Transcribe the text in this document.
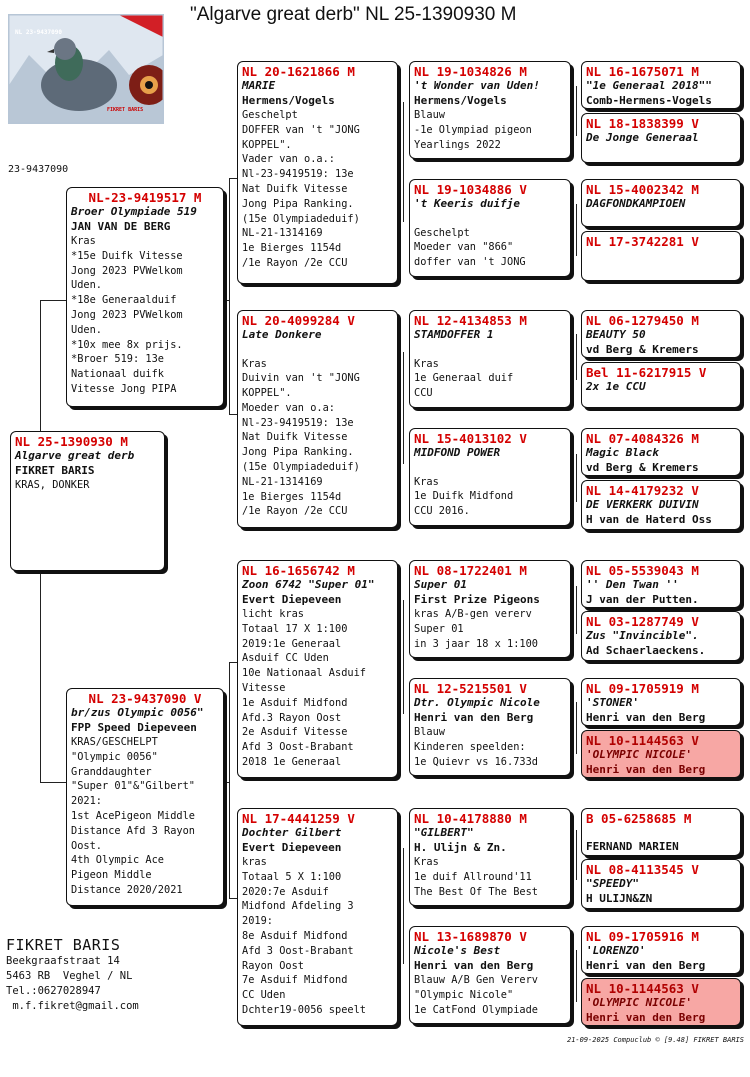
"Algarve great derb" NL 25-1390930 M
NL 23-9437090
FIKRET BARIS
23-9437090
NL 25-1390930 M
Algarve great derb
FIKRET BARIS
KRAS, DONKER
NL-23-9419517 M
Broer Olympiade 519
JAN VAN DE BERG
Kras
*15e Duifk Vitesse
Jong 2023 PVWelkom
Uden.
*18e Generaalduif
Jong 2023 PVWelkom
Uden.
*10x mee 8x prijs.
*Broer 519: 13e
Nationaal duifk
Vitesse Jong PIPA
NL 23-9437090 V
br/zus Olympic 0056"
FPP Speed Diepeveen
KRAS/GESCHELPT
"Olympic 0056"
Granddaughter
"Super 01"&"Gilbert"
2021:
1st AcePigeon Middle
Distance Afd 3 Rayon
Oost.
4th Olympic Ace
Pigeon Middle
Distance 2020/2021
NL 20-1621866 M
MARIE
Hermens/Vogels
Geschelpt
DOFFER van 't "JONG
KOPPEL".
Vader van o.a.:
Nl-23-9419519: 13e
Nat Duifk Vitesse
Jong Pipa Ranking.
(15e Olympiadeduif)
NL-21-1314169
1e Bierges 1154d
/1e Rayon /2e CCU
NL 20-4099284 V
Late Donkere
Kras
Duivin van 't "JONG
KOPPEL".
Moeder van o.a:
Nl-23-9419519: 13e
Nat Duifk Vitesse
Jong Pipa Ranking.
(15e Olympiadeduif)
NL-21-1314169
1e Bierges 1154d
/1e Rayon /2e CCU
NL 16-1656742 M
Zoon 6742 "Super 01"
Evert Diepeveen
licht kras
Totaal 17 X 1:100
2019:1e Generaal
Asduif CC Uden
10e Nationaal Asduif
Vitesse
1e Asduif Midfond
Afd.3 Rayon Oost
2e Asduif Vitesse
Afd 3 Oost-Brabant
2018 1e Generaal
NL 17-4441259 V
Dochter Gilbert
Evert Diepeveen
kras
Totaal 5 X 1:100
2020:7e Asduif
Midfond Afdeling 3
2019:
8e Asduif Midfond
Afd 3 Oost-Brabant
Rayon Oost
7e Asduif Midfond
CC Uden
Dchter19-0056 speelt
NL 19-1034826 M
't Wonder van Uden!
Hermens/Vogels
Blauw
-1e Olympiad pigeon
Yearlings 2022
NL 19-1034886 V
't Keeris duifje
Geschelpt
Moeder van "866"
doffer van 't JONG
NL 12-4134853 M
STAMDOFFER 1
Kras
1e Generaal duif
CCU
NL 15-4013102 V
MIDFOND POWER
Kras
1e Duifk Midfond
CCU 2016.
NL 08-1722401 M
Super 01
First Prize Pigeons
kras A/B-gen vererv
Super 01
in 3 jaar 18 x 1:100
NL 12-5215501 V
Dtr. Olympic Nicole
Henri van den Berg
Blauw
Kinderen speelden:
1e Quievr vs 16.733d
NL 10-4178880 M
"GILBERT"
H. Ulijn & Zn.
Kras
1e duif Allround'11
The Best Of The Best
NL 13-1689870 V
Nicole's Best
Henri van den Berg
Blauw A/B Gen Vererv
"Olympic Nicole"
1e CatFond Olympiade
NL 16-1675071 M
"1e Generaal 2018""
Comb-Hermens-Vogels
NL 18-1838399 V
De Jonge Generaal
NL 15-4002342 M
DAGFONDKAMPIOEN
NL 17-3742281 V
NL 06-1279450 M
BEAUTY 50
vd Berg & Kremers
Bel 11-6217915 V
2x 1e CCU
NL 07-4084326 M
Magic Black
vd Berg & Kremers
NL 14-4179232 V
DE VERKERK DUIVIN
H van de Haterd Oss
NL 05-5539043 M
'' Den Twan ''
J van der Putten.
NL 03-1287749 V
Zus "Invincible".
Ad Schaerlaeckens.
NL 09-1705919 M
'STONER'
Henri van den Berg
NL 10-1144563 V
'OLYMPIC NICOLE'
Henri van den Berg
B 05-6258685 M
FERNAND MARIEN
NL 08-4113545 V
"SPEEDY"
H ULIJN&ZN
NL 09-1705916 M
'LORENZO'
Henri van den Berg
NL 10-1144563 V
'OLYMPIC NICOLE'
Henri van den Berg
FIKRET BARIS
Beekgraafstraat 14
5463 RB  Veghel / NL
Tel.:0627028947
m.f.fikret@gmail.com
21-09-2025 Compuclub © [9.48] FIKRET BARIS
